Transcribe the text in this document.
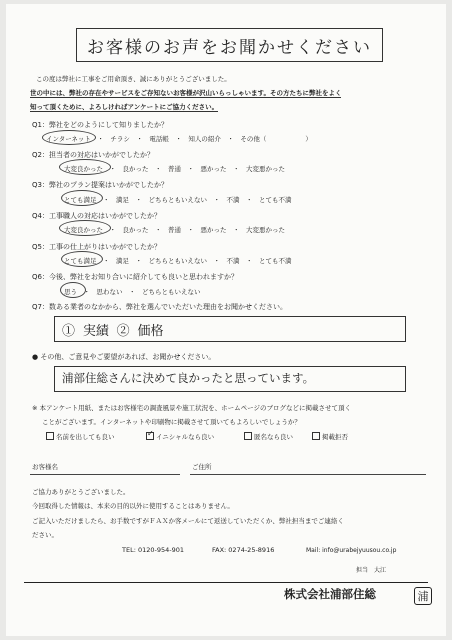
お客様のお声をお聞かせください
この度は弊社に工事をご用命頂き、誠にありがとうございました。
世の中には、弊社の存在やサービスをご存知ないお客様が沢山いらっしゃいます。その方たちに弊社をよく
知って頂くために、よろしければアンケートにご協力ください。
Q1：弊社をどのようにして知りましたか？
インターネット　・　チラシ　・　電話帳　・　知人の紹介　・　その他（　　　　　　）
Q2：担当者の対応はいかがでしたか？
大変良かった　・　良かった　・　普通　・　悪かった　・　大変悪かった
Q3：弊社のプラン提案はいかがでしたか？
とても満足　・　満足　・　どちらともいえない　・　不満　・　とても不満
Q4：工事職人の対応はいかがでしたか？
大変良かった　・　良かった　・　普通　・　悪かった　・　大変悪かった
Q5：工事の仕上がりはいかがでしたか？
とても満足　・　満足　・　どちらともいえない　・　不満　・　とても不満
Q6：今後、弊社をお知り合いに紹介しても良いと思われますか？
思う　・　思わない　・　どちらともいえない
Q7：数ある業者のなかから、弊社を選んでいただいた理由をお聞かせください。
① 実績 ② 価格
● その他、ご意見やご要望があれば、お聞かせください。
浦部住総さんに決めて良かったと思っています。
※ 本アンケート用紙、またはお客様宅の調査風景や施工状況を、ホームページのブログなどに掲載させて頂く
ことがございます。インターネットや印刷物に掲載させて頂いてもよろしいでしょうか？
名前を出しても良い	✓ イニシャルなら良い	匿名なら良い	掲載拒否
お客様名	ご住所
ご協力ありがとうございました。
今回取得した情報は、本来の目的以外に使用することはありません。
ご記入いただけましたら、お手数ですがＦＡＸか客メールにて返送していただくか、弊社担当までご連絡く
ださい。
TEL: 0120-954-901	FAX: 0274-25-8916	Mail: info@urabejyuusou.co.jp
担当　大江
株式会社浦部住総	浦
